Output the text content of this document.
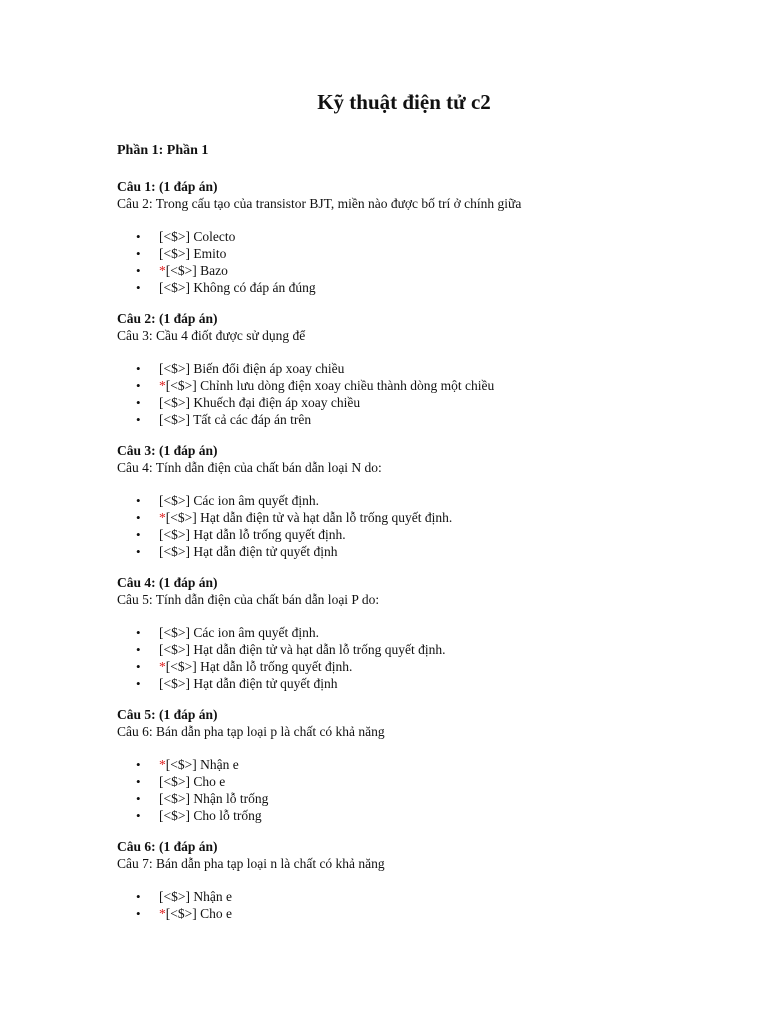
Kỹ thuật điện tử c2
Phần 1: Phần 1
Câu 1: (1 đáp án)
Câu 2: Trong cấu tạo của transistor BJT, miền nào được bố trí ở chính giữa
• [<$>] Colecto
• [<$>] Emito
• *[<$>] Bazo
• [<$>] Không có đáp án đúng
Câu 2: (1 đáp án)
Câu 3: Cầu 4 điốt được sử dụng để
• [<$>] Biến đổi điện áp xoay chiều
• *[<$>] Chỉnh lưu dòng điện xoay chiều thành dòng một chiều
• [<$>] Khuếch đại điện áp xoay chiều
• [<$>] Tất cả các đáp án trên
Câu 3: (1 đáp án)
Câu 4: Tính dẫn điện của chất bán dẫn loại N do:
• [<$>] Các ion âm quyết định.
• *[<$>] Hạt dẫn điện tử và hạt dẫn lỗ trống quyết định.
• [<$>] Hạt dẫn lỗ trống quyết định.
• [<$>] Hạt dẫn điện tử quyết định
Câu 4: (1 đáp án)
Câu 5: Tính dẫn điện của chất bán dẫn loại P do:
• [<$>] Các ion âm quyết định.
• [<$>] Hạt dẫn điện tử và hạt dẫn lỗ trống quyết định.
• *[<$>] Hạt dẫn lỗ trống quyết định.
• [<$>] Hạt dẫn điện tử quyết định
Câu 5: (1 đáp án)
Câu 6: Bán dẫn pha tạp loại p là chất có khả năng
• *[<$>] Nhận e
• [<$>] Cho e
• [<$>] Nhận lỗ trống
• [<$>] Cho lỗ trống
Câu 6: (1 đáp án)
Câu 7: Bán dẫn pha tạp loại n là chất có khả năng
• [<$>] Nhận e
• *[<$>] Cho e
